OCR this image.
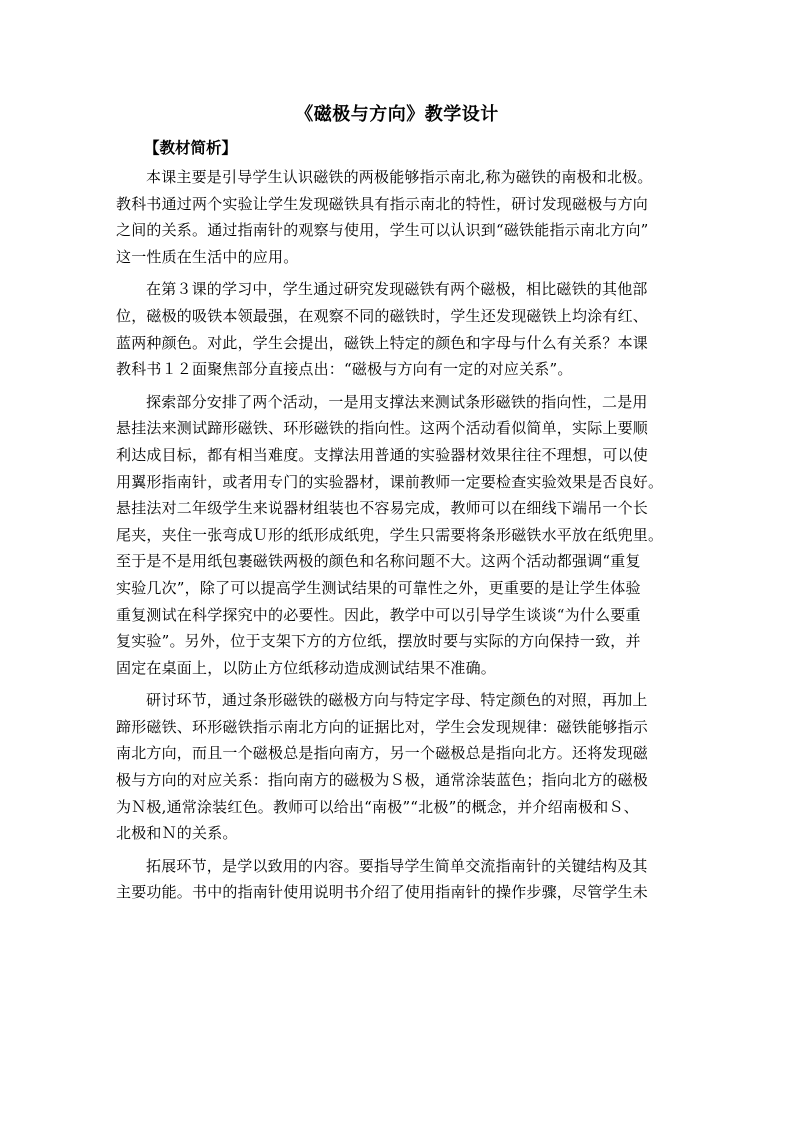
《磁极与方向》教学设计
【教材简析】
本课主要是引导学生认识磁铁的两极能够指示南北,称为磁铁的南极和北极。
教科书通过两个实验让学生发现磁铁具有指示南北的特性，研讨发现磁极与方向
之间的关系。通过指南针的观察与使用，学生可以认识到“磁铁能指示南北方向”
这一性质在生活中的应用。
在第３课的学习中，学生通过研究发现磁铁有两个磁极，相比磁铁的其他部
位，磁极的吸铁本领最强，在观察不同的磁铁时，学生还发现磁铁上均涂有红、
蓝两种颜色。对此，学生会提出，磁铁上特定的颜色和字母与什么有关系？本课
教科书１２面聚焦部分直接点出：“磁极与方向有一定的对应关系”。
探索部分安排了两个活动，一是用支撑法来测试条形磁铁的指向性，二是用
悬挂法来测试蹄形磁铁、环形磁铁的指向性。这两个活动看似简单，实际上要顺
利达成目标，都有相当难度。支撑法用普通的实验器材效果往往不理想，可以使
用翼形指南针，或者用专门的实验器材，课前教师一定要检查实验效果是否良好。
悬挂法对二年级学生来说器材组装也不容易完成，教师可以在细线下端吊一个长
尾夹，夹住一张弯成Ｕ形的纸形成纸兜，学生只需要将条形磁铁水平放在纸兜里。
至于是不是用纸包裹磁铁两极的颜色和名称问题不大。这两个活动都强调“重复
实验几次”，除了可以提高学生测试结果的可靠性之外，更重要的是让学生体验
重复测试在科学探究中的必要性。因此，教学中可以引导学生谈谈“为什么要重
复实验”。另外，位于支架下方的方位纸，摆放时要与实际的方向保持一致，并
固定在桌面上，以防止方位纸移动造成测试结果不准确。
研讨环节，通过条形磁铁的磁极方向与特定字母、特定颜色的对照，再加上
蹄形磁铁、环形磁铁指示南北方向的证据比对，学生会发现规律：磁铁能够指示
南北方向，而且一个磁极总是指向南方，另一个磁极总是指向北方。还将发现磁
极与方向的对应关系：指向南方的磁极为Ｓ极，通常涂装蓝色；指向北方的磁极
为Ｎ极,通常涂装红色。教师可以给出“南极”“北极”的概念，并介绍南极和Ｓ、
北极和Ｎ的关系。
拓展环节，是学以致用的内容。要指导学生简单交流指南针的关键结构及其
主要功能。书中的指南针使用说明书介绍了使用指南针的操作步骤，尽管学生未
